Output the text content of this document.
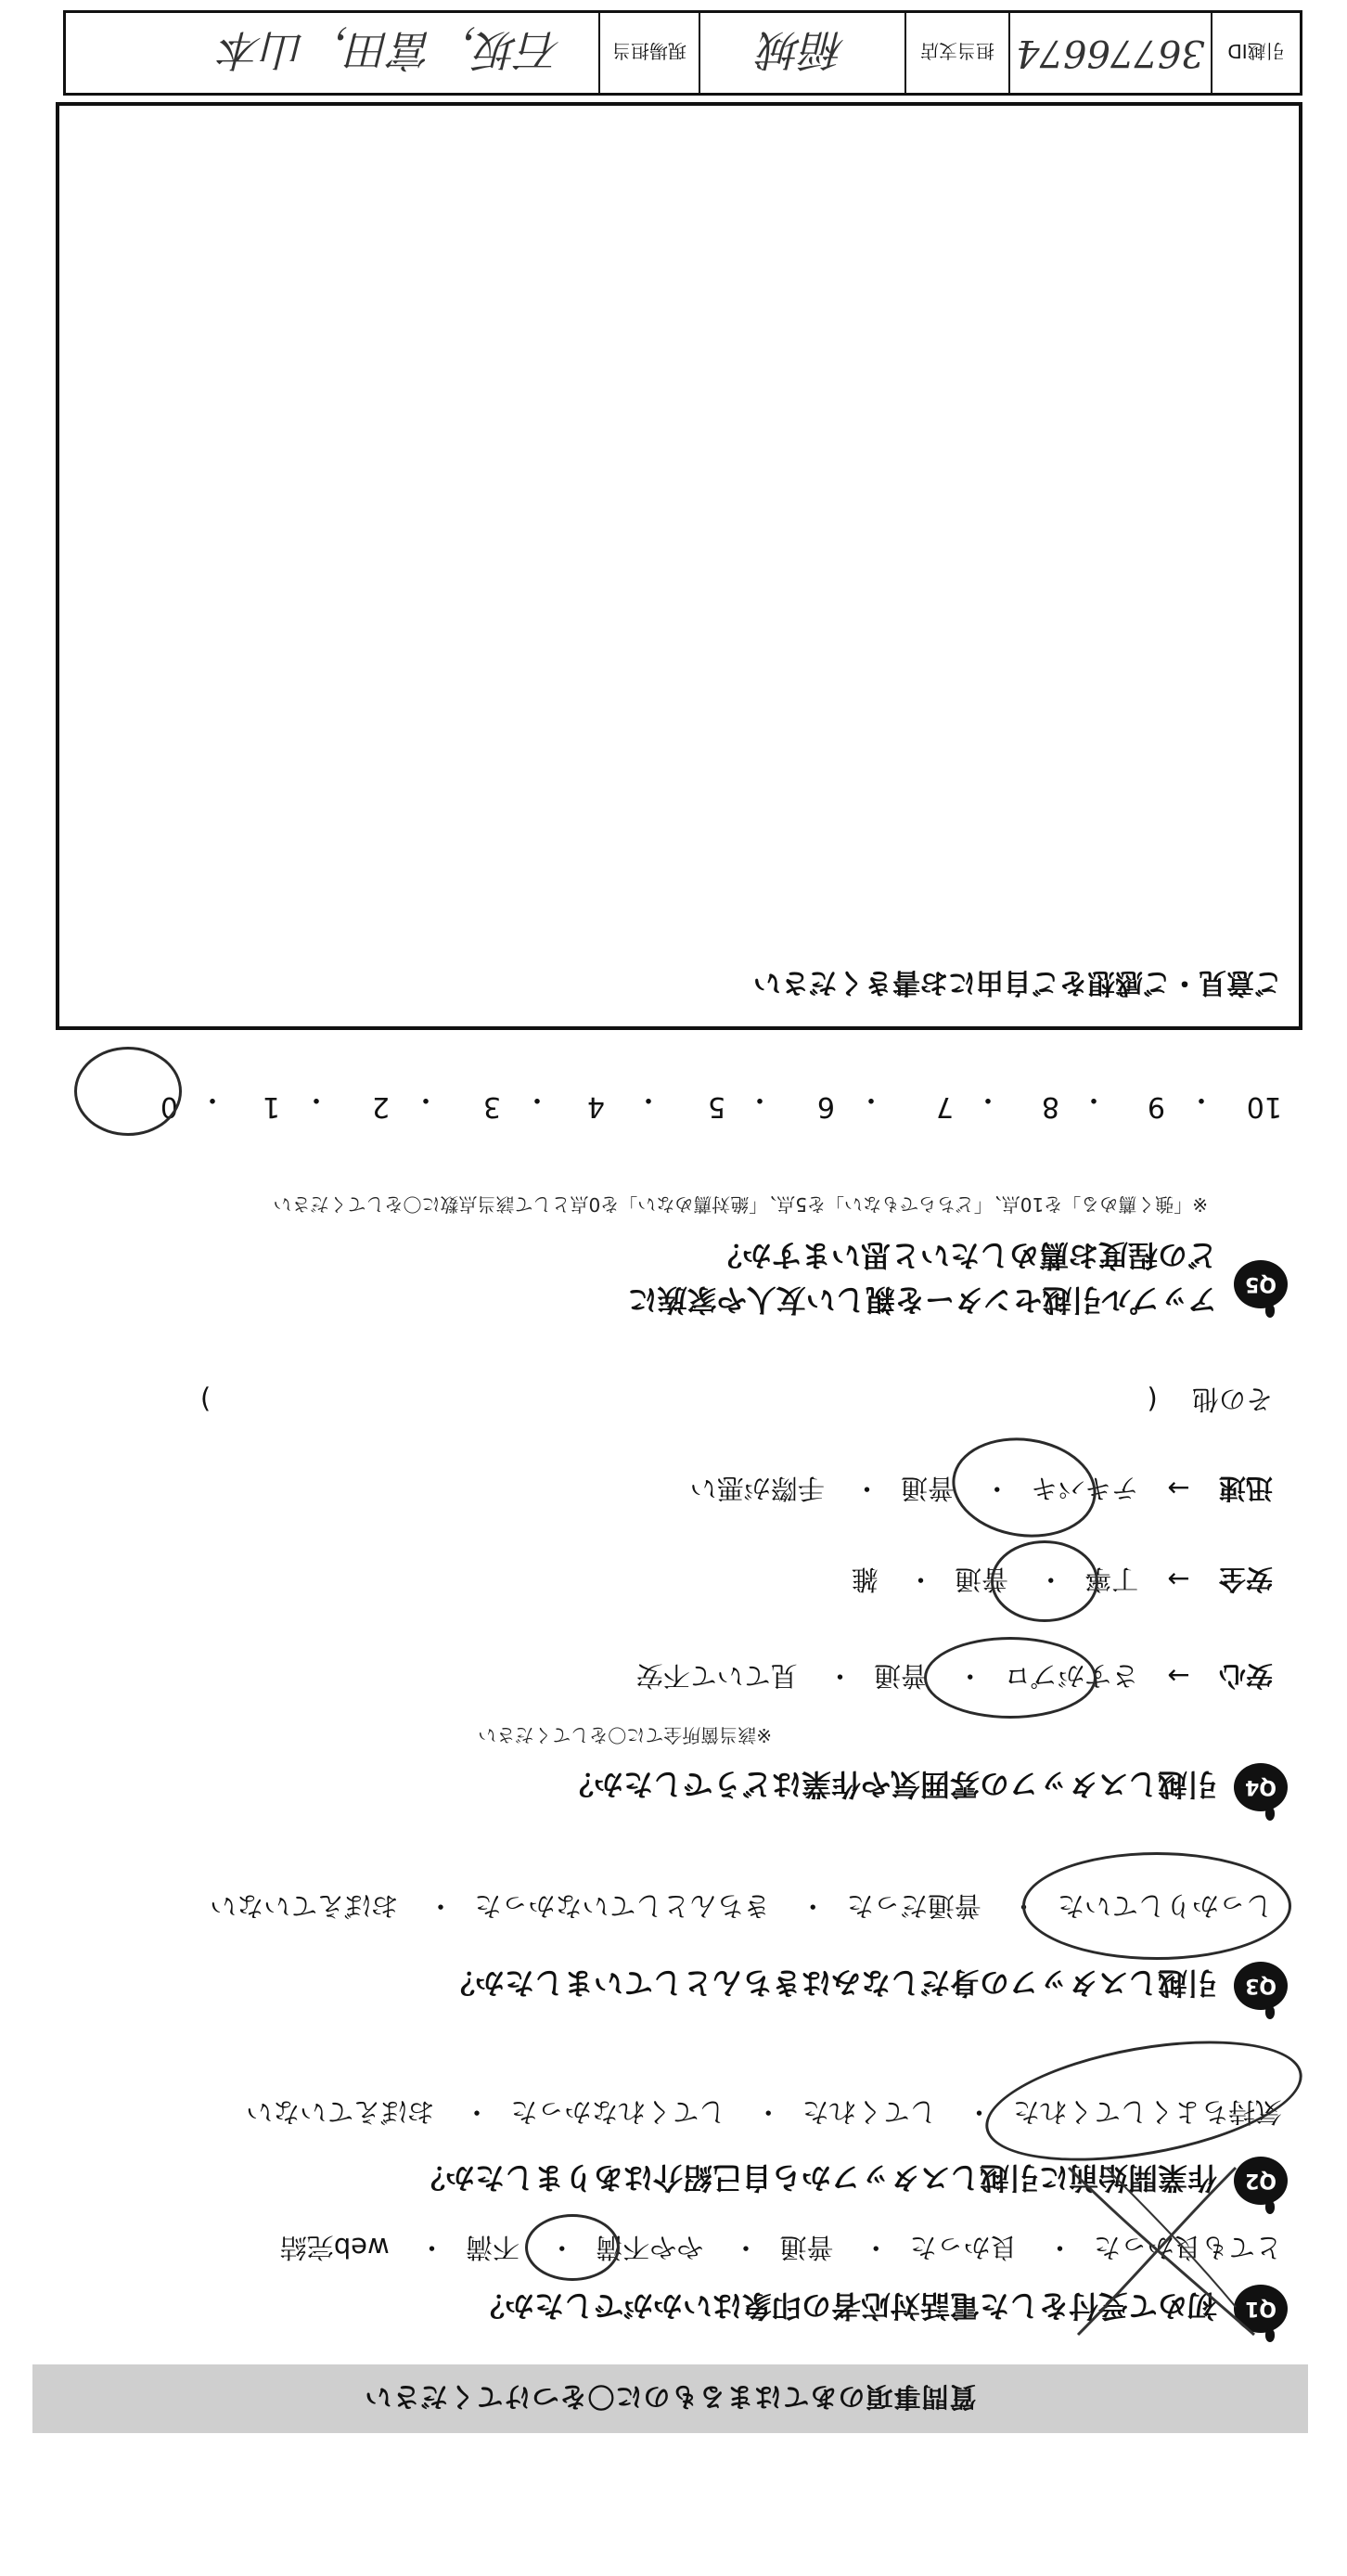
質問事項のあてはまるものに〇をつけてください
Q1
初めて受付をした電話対応者の印象はいかがでしたか？
とても良かった・ 良かった・ 普通・ やや不満・ 不満・ web完結
Q2
作業開始前に引越しスタッフから自己紹介はありましたか？
気持ちよくしてくれた・ してくれた・ してくれなかった・ おぼえていない
Q3
引越しスタッフの身だしなみはきちんとしていましたか？
しっかりしていた・ 普通だった・ きちんとしていなかった・ おぼえていない
Q4
引越しスタッフの雰囲気や作業はどうでしたか？
※該当箇所全てに〇をしてください
安心 → さすがプロ・ 普通・ 見ていて不安
安全 → 丁寧・ 普通・ 雑
迅速 → テキパキ・ 普通・ 手際が悪い
その他 ( )
Q5
アップル引越センターを親しい友人や家族に
どの程度お薦めしたいと思いますか？
※「強く薦める」を10点、「どちらでもない」を5点、「絶対薦めない」を0点として該当点数に〇をしてください
10
・
9
・
8
・
7
・
6
・
5
・
4
・
3
・
2
・
1
・
0
ご意見・ご感想をご自由にお書きください
引越ID
36776674
担当支店
稲城
現場担当
石坂，富田，山本
